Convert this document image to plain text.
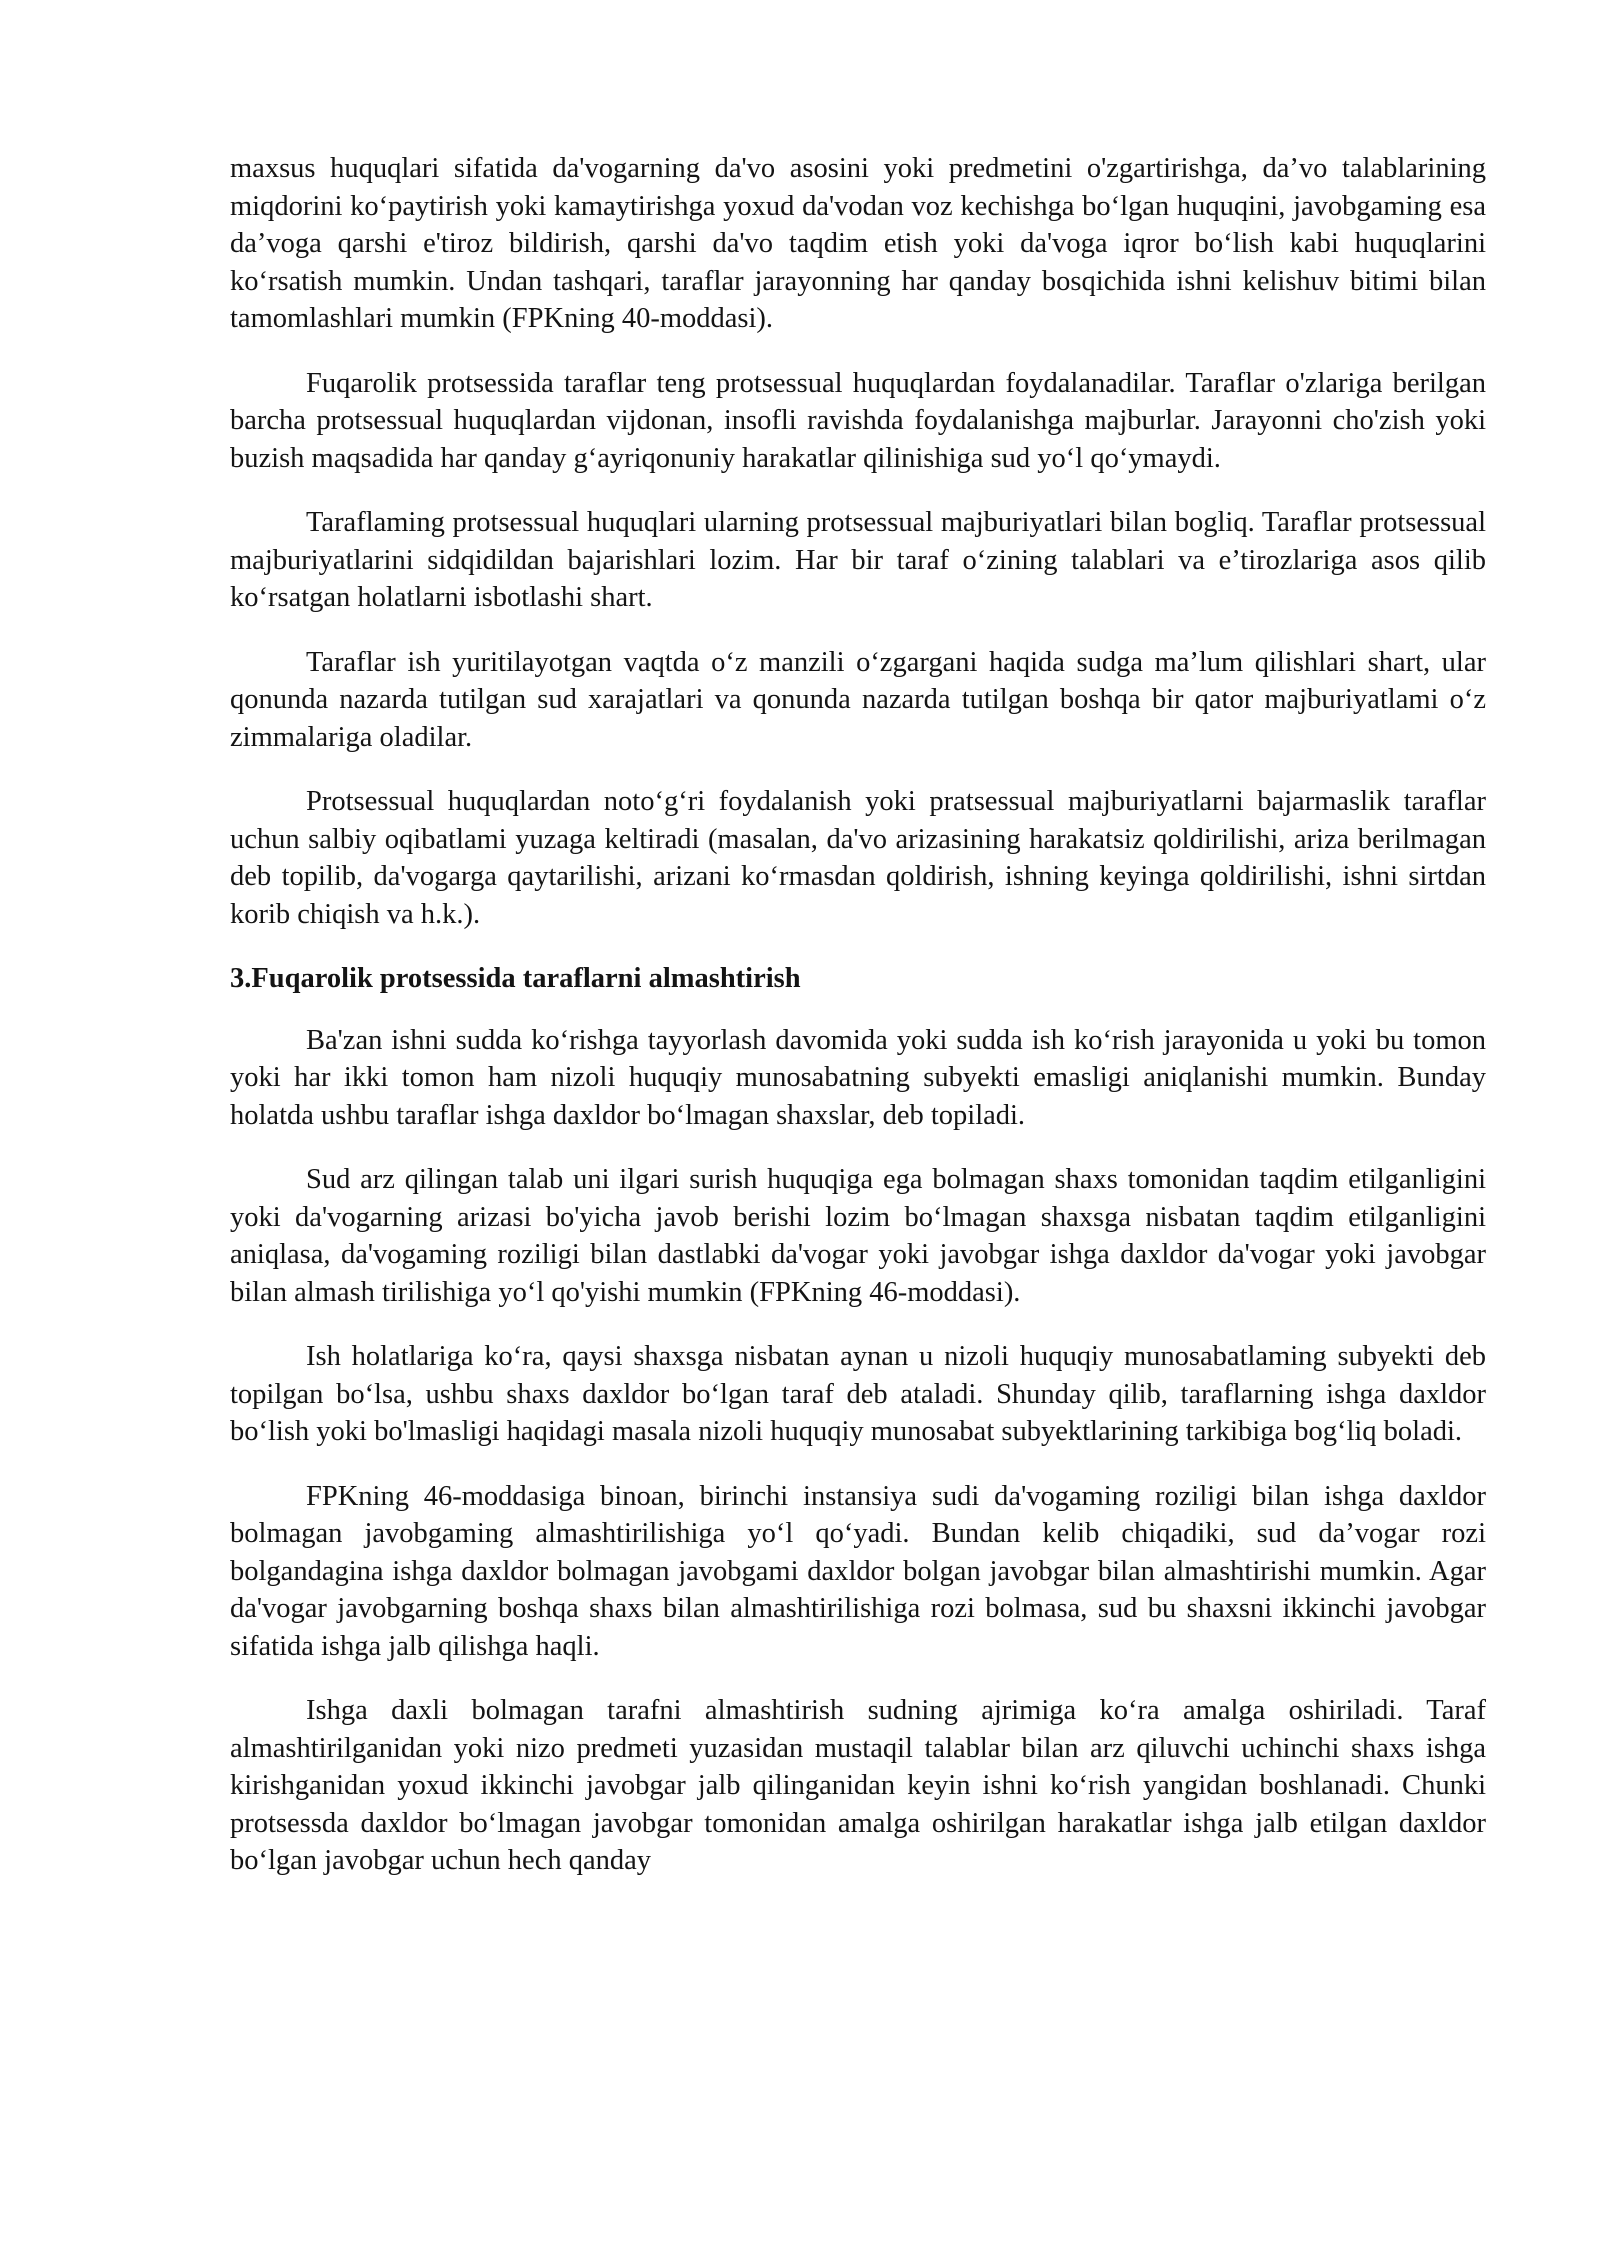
maxsus huquqlari sifatida da'vogarning da'vo asosini yoki predmetini o'zgartirishga, da’vo talablarining miqdorini ko‘paytirish yoki kamaytirishga yoxud da'vodan voz kechishga bo‘lgan huquqini, javobgaming esa da’voga qarshi e'tiroz bildirish, qarshi da'vo taqdim etish yoki da'voga iqror bo‘lish kabi huquqlarini ko‘rsatish mumkin. Undan tashqari, taraflar jarayonning har qanday bosqichida ishni kelishuv bitimi bilan tamomlashlari mumkin (FPKning 40-moddasi).

Fuqarolik protsessida taraflar teng protsessual huquqlardan foydalanadilar. Taraflar o'zlariga berilgan barcha protsessual huquqlardan vijdonan, insofli ravishda foydalanishga majburlar. Jarayonni cho'zish yoki buzish maqsadida har qanday g‘ayriqonuniy harakatlar qilinishiga sud yo‘l qo‘ymaydi.

Taraflaming protsessual huquqlari ularning protsessual majburiyatlari bilan bogliq. Taraflar protsessual majburiyatlarini sidqidildan bajarishlari lozim. Har bir taraf o‘zining talablari va e’tirozlariga asos qilib ko‘rsatgan holatlarni isbotlashi shart.

Taraflar ish yuritilayotgan vaqtda o‘z manzili o‘zgargani haqida sudga ma’lum qilishlari shart, ular qonunda nazarda tutilgan sud xarajatlari va qonunda nazarda tutilgan boshqa bir qator majburiyatlami o‘z zimmalariga oladilar.

Protsessual huquqlardan noto‘g‘ri foydalanish yoki pratsessual majburiyatlarni bajarmaslik taraflar uchun salbiy oqibatlami yuzaga keltiradi (masalan, da'vo arizasining harakatsiz qoldirilishi, ariza berilmagan deb topilib, da'vogarga qaytarilishi, arizani ko‘rmasdan qoldirish, ishning keyinga qoldirilishi, ishni sirtdan korib chiqish va h.k.).

3.Fuqarolik protsessida taraflarni almashtirish

Ba'zan ishni sudda ko‘rishga tayyorlash davomida yoki sudda ish ko‘rish jarayonida u yoki bu tomon yoki har ikki tomon ham nizoli huquqiy munosabatning subyekti emasligi aniqlanishi mumkin. Bunday holatda ushbu taraflar ishga daxldor bo‘lmagan shaxslar, deb topiladi.

Sud arz qilingan talab uni ilgari surish huquqiga ega bolmagan shaxs tomonidan taqdim etilganligini yoki da'vogarning arizasi bo'yicha javob berishi lozim bo‘lmagan shaxsga nisbatan taqdim etilganligini aniqlasa, da'vogaming roziligi bilan dastlabki da'vogar yoki javobgar ishga daxldor da'vogar yoki javobgar bilan almash tirilishiga yo‘l qo'yishi mumkin (FPKning 46-moddasi).

Ish holatlariga ko‘ra, qaysi shaxsga nisbatan aynan u nizoli huquqiy munosabatlaming subyekti deb topilgan bo‘lsa, ushbu shaxs daxldor bo‘lgan taraf deb ataladi. Shunday qilib, taraflarning ishga daxldor bo‘lish yoki bo'lmasligi haqidagi masala nizoli huquqiy munosabat subyektlarining tarkibiga bog‘liq boladi.

FPKning 46-moddasiga binoan, birinchi instansiya sudi da'vogaming roziligi bilan ishga daxldor bolmagan javobgaming almashtirilishiga yo‘l qo‘yadi. Bundan kelib chiqadiki, sud da’vogar rozi bolgandagina ishga daxldor bolmagan javobgami daxldor bolgan javobgar bilan almashtirishi mumkin. Agar da'vogar javobgarning boshqa shaxs bilan almashtirilishiga rozi bolmasa, sud bu shaxsni ikkinchi javobgar sifatida ishga jalb qilishga haqli.

Ishga daxli bolmagan tarafni almashtirish sudning ajrimiga ko‘ra amalga oshiriladi. Taraf almashtirilganidan yoki nizo predmeti yuzasidan mustaqil talablar bilan arz qiluvchi uchinchi shaxs ishga kirishganidan yoxud ikkinchi javobgar jalb qilinganidan keyin ishni ko‘rish yangidan boshlanadi. Chunki protsessda daxldor bo‘lmagan javobgar tomonidan amalga oshirilgan harakatlar ishga jalb etilgan daxldor bo‘lgan javobgar uchun hech qanday
